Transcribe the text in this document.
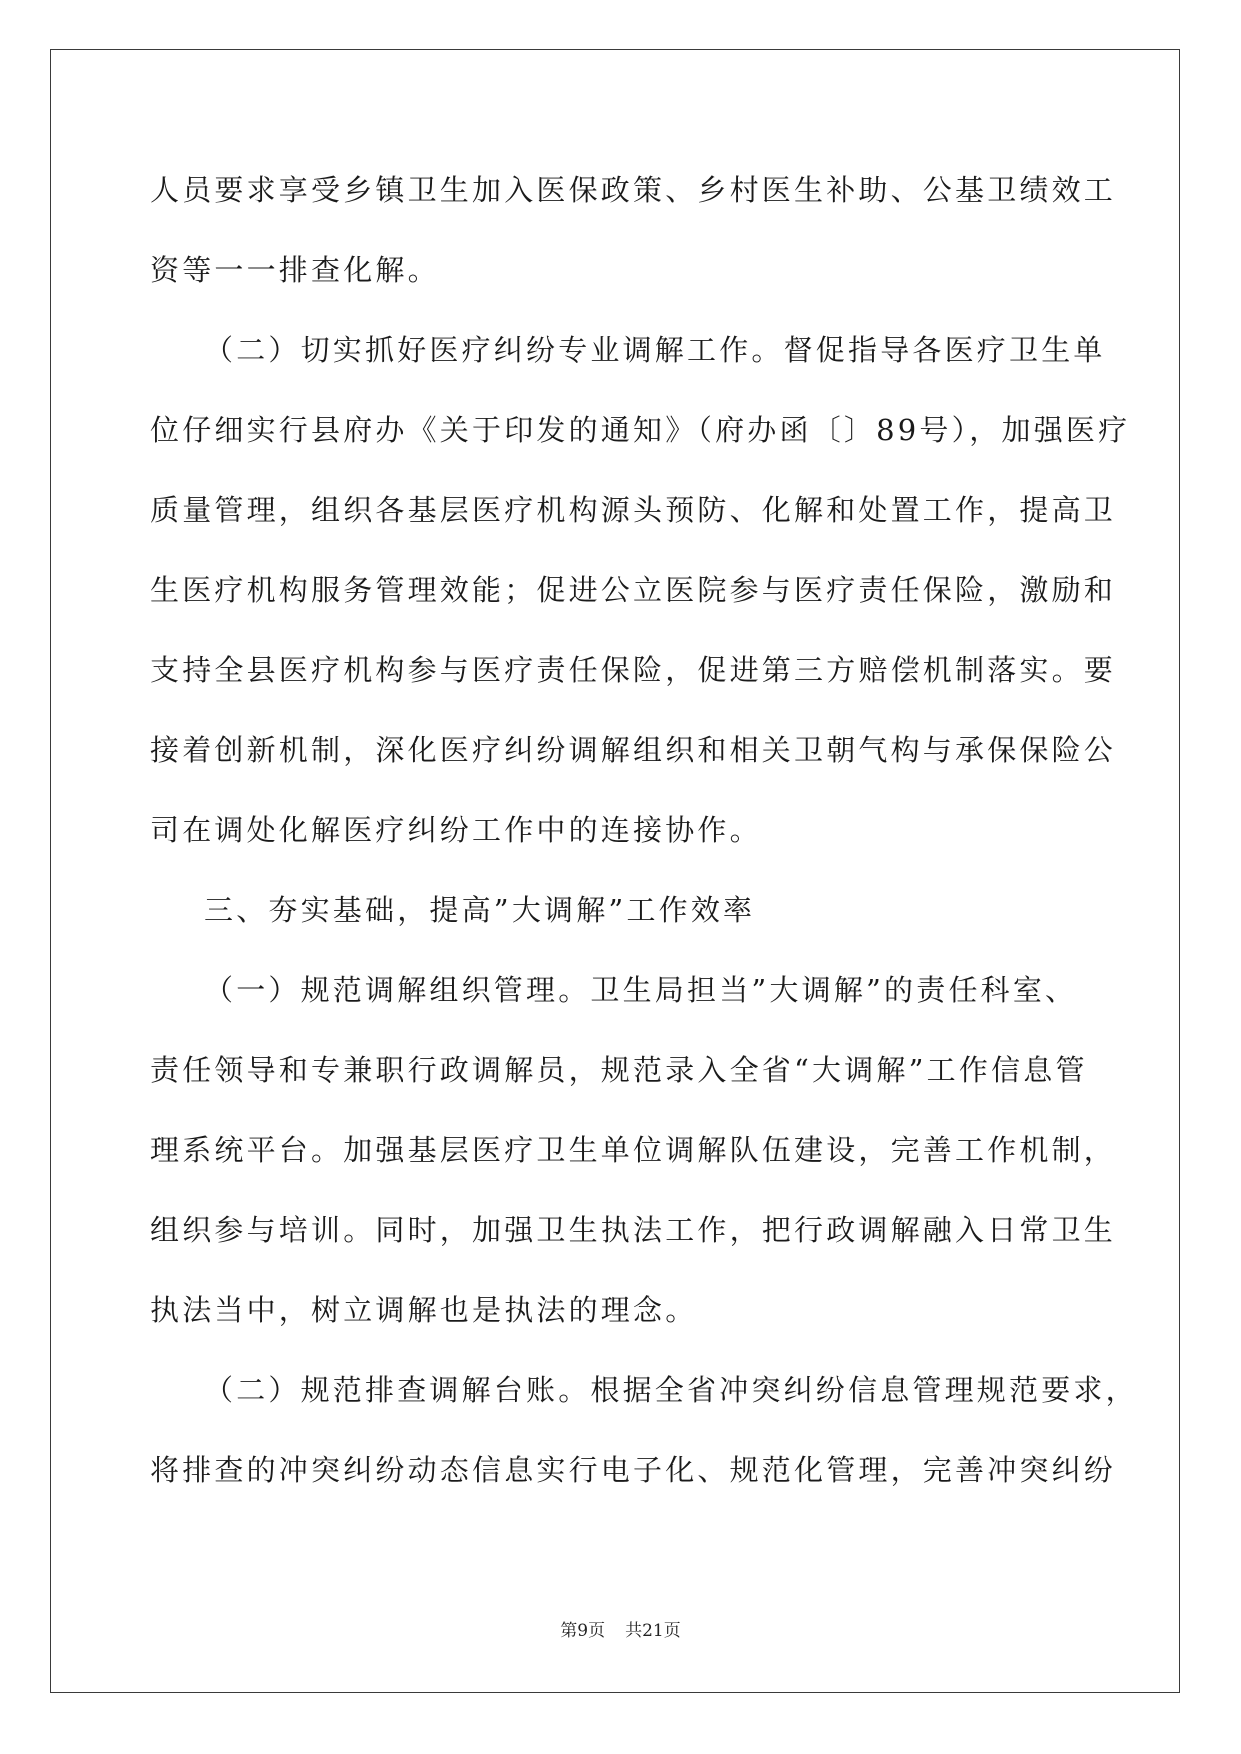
人员要求享受乡镇卫生加入医保政策、乡村医生补助、公基卫绩效工
资等一一排查化解。
（二）切实抓好医疗纠纷专业调解工作。督促指导各医疗卫生单
位仔细实行县府办《关于印发的通知》（府办函〔〕89号），加强医疗
质量管理，组织各基层医疗机构源头预防、化解和处置工作，提高卫
生医疗机构服务管理效能；促进公立医院参与医疗责任保险，激励和
支持全县医疗机构参与医疗责任保险，促进第三方赔偿机制落实。要
接着创新机制，深化医疗纠纷调解组织和相关卫朝气构与承保保险公
司在调处化解医疗纠纷工作中的连接协作。
三、夯实基础，提高”大调解”工作效率
（一）规范调解组织管理。卫生局担当”大调解”的责任科室、
责任领导和专兼职行政调解员，规范录入全省“大调解”工作信息管
理系统平台。加强基层医疗卫生单位调解队伍建设，完善工作机制，
组织参与培训。同时，加强卫生执法工作，把行政调解融入日常卫生
执法当中，树立调解也是执法的理念。
（二）规范排查调解台账。根据全省冲突纠纷信息管理规范要求，
将排查的冲突纠纷动态信息实行电子化、规范化管理，完善冲突纠纷
第9页 共21页
